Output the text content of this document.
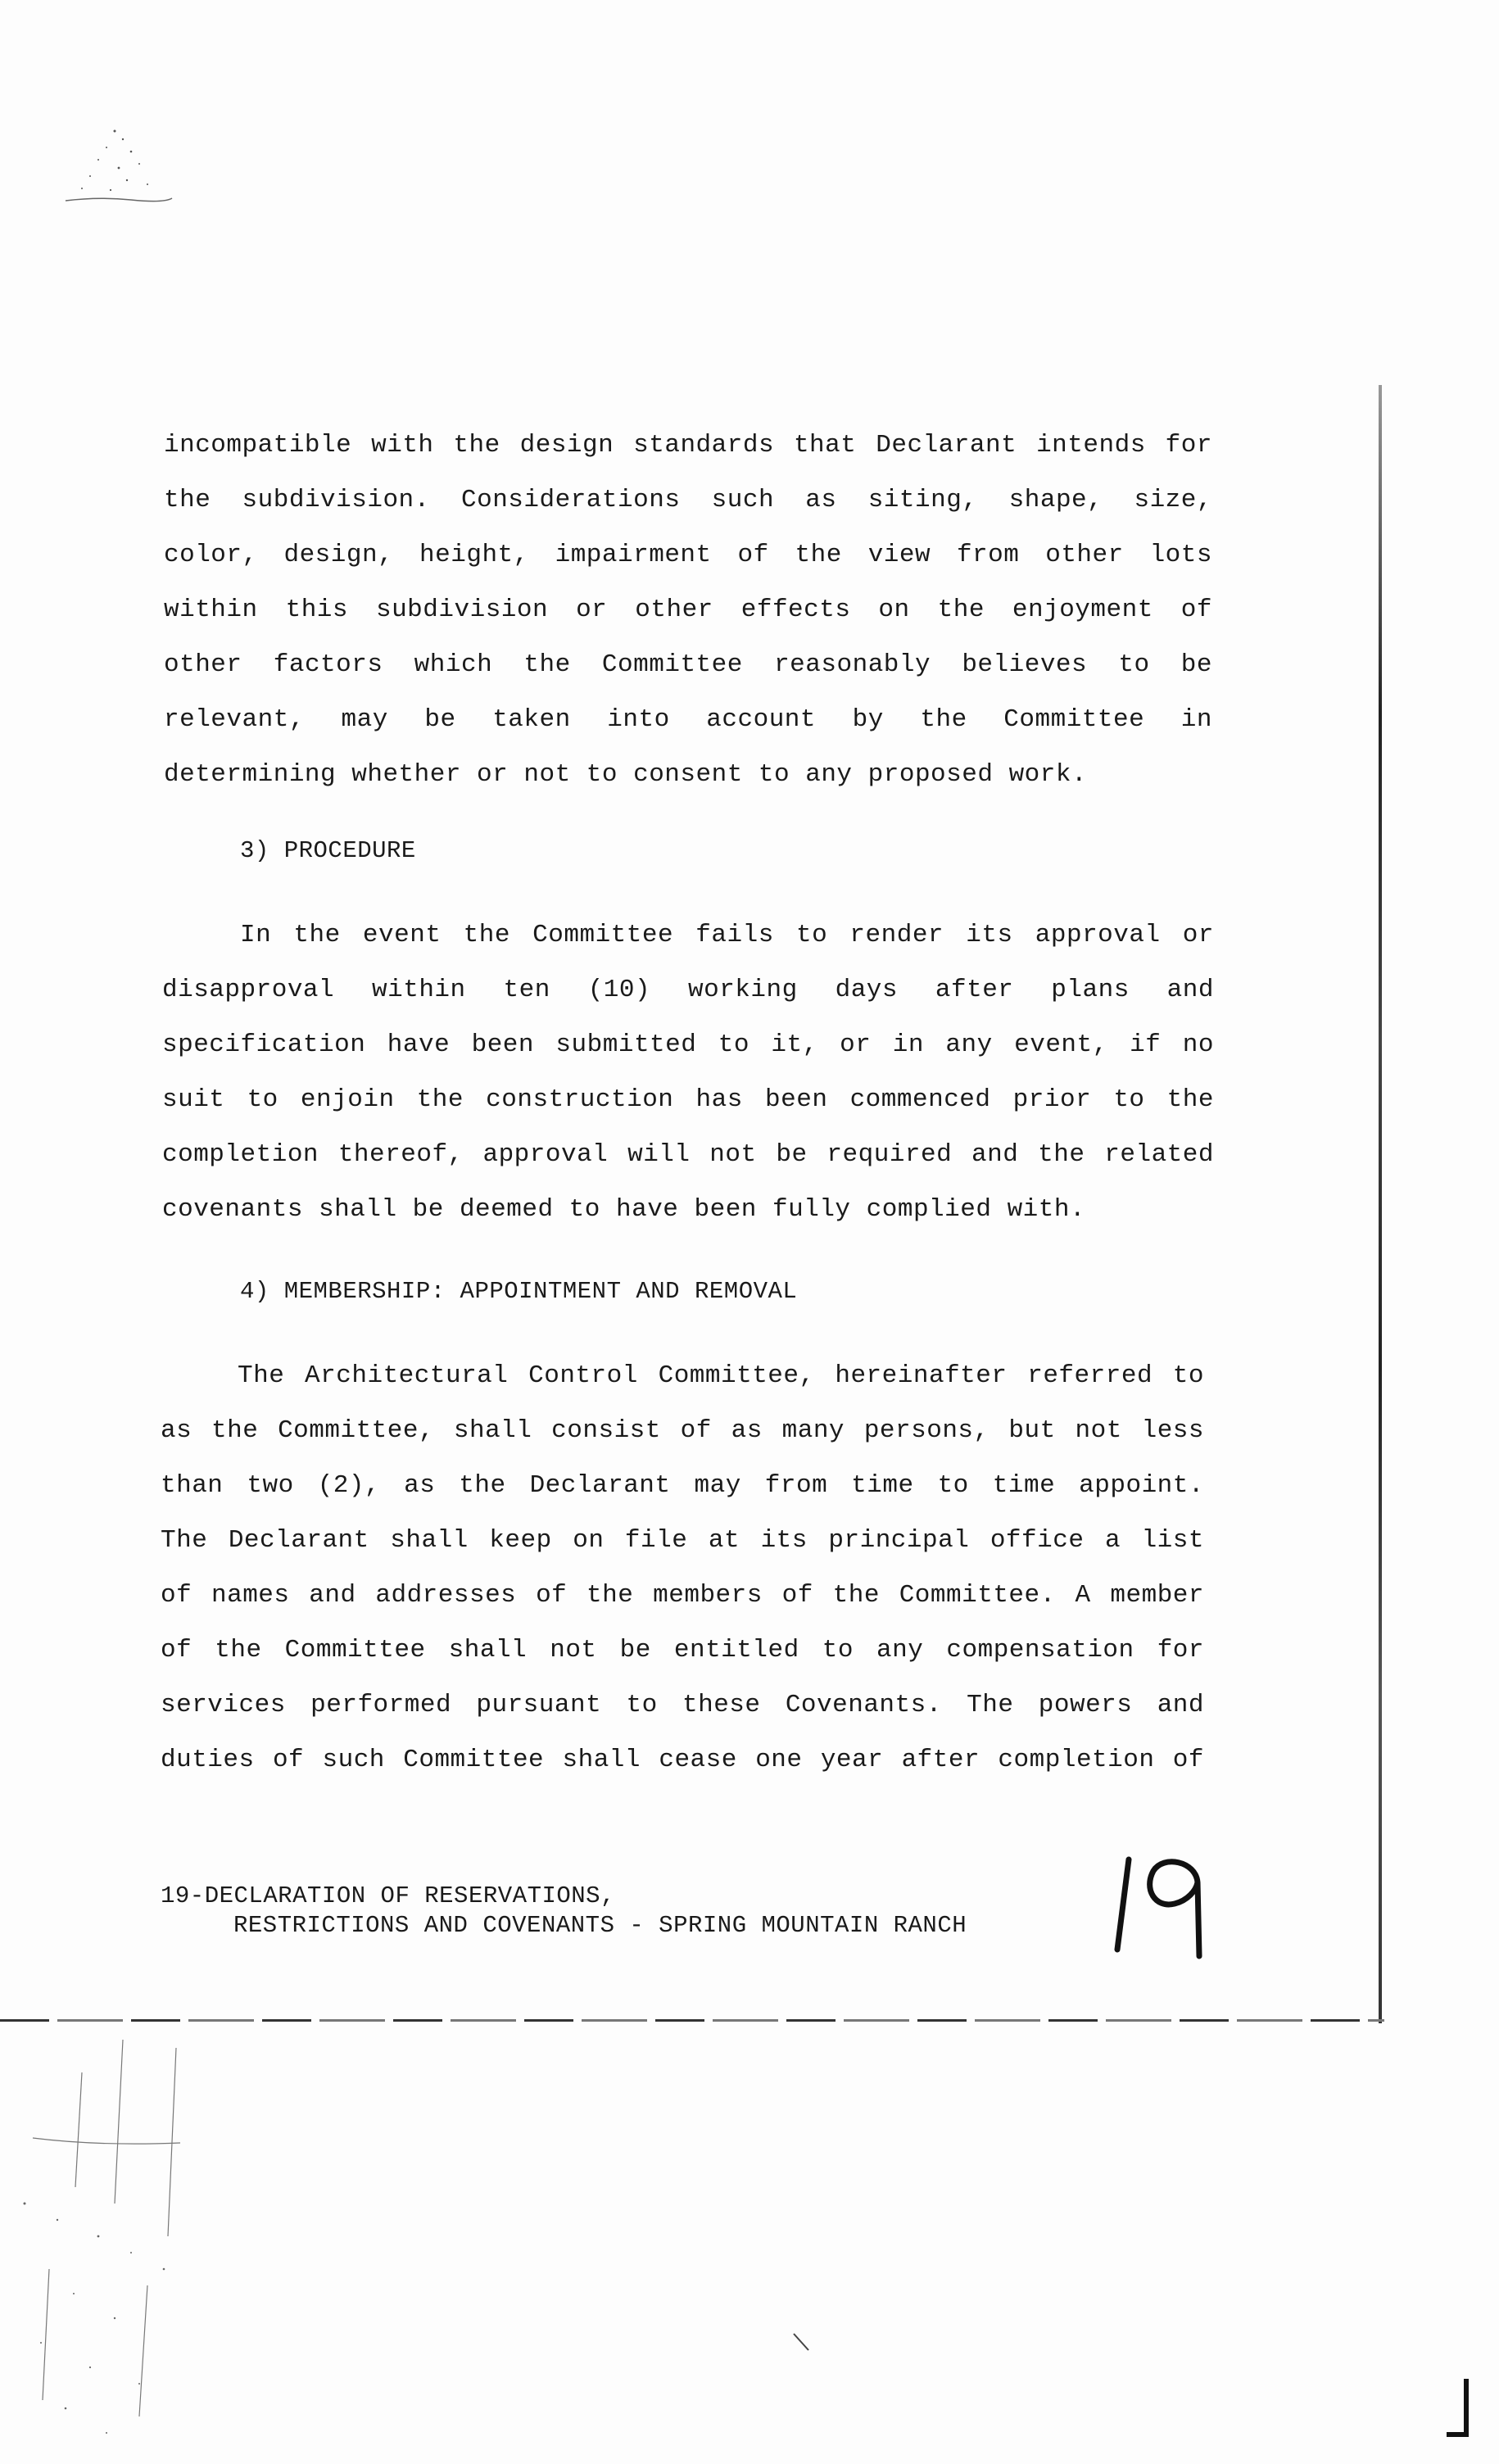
incompatible with the design standards that Declarant intends for
the subdivision. Considerations such as siting, shape, size,
color, design, height, impairment of the view from other lots
within this subdivision or other effects on the enjoyment of
other factors which the Committee reasonably believes to be
relevant, may be taken into account by the Committee in
determining whether or not to consent to any proposed work.
3) PROCEDURE
In the event the Committee fails to render its approval or
disapproval within ten (10) working days after plans and
specification have been submitted to it, or in any event, if no
suit to enjoin the construction has been commenced prior to the
completion thereof, approval will not be required and the related
covenants shall be deemed to have been fully complied with.
4) MEMBERSHIP: APPOINTMENT AND REMOVAL
The Architectural Control Committee, hereinafter referred to
as the Committee, shall consist of as many persons, but not less
than two (2), as the Declarant may from time to time appoint.
The Declarant shall keep on file at its principal office a list
of names and addresses of the members of the Committee. A member
of the Committee shall not be entitled to any compensation for
services performed pursuant to these Covenants. The powers and
duties of such Committee shall cease one year after completion of
19-DECLARATION OF RESERVATIONS,
RESTRICTIONS AND COVENANTS - SPRING MOUNTAIN RANCH
